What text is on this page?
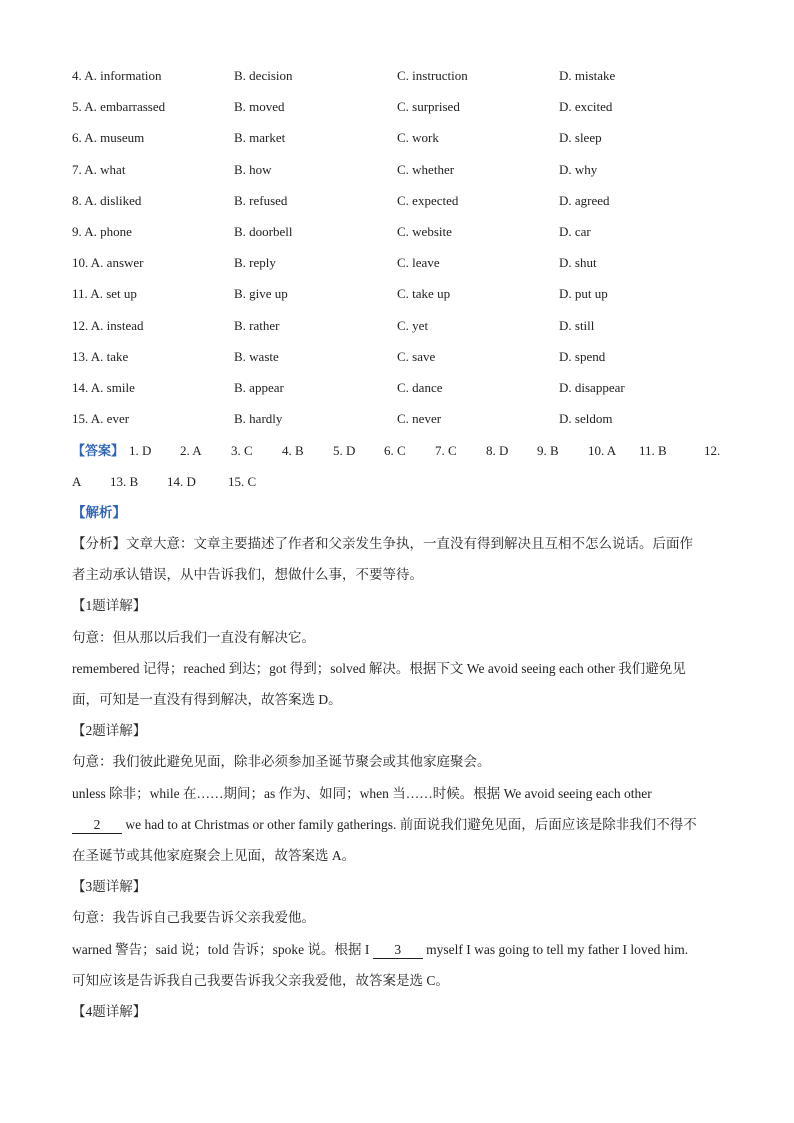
4. A. information	B. decision	C. instruction	D. mistake
5. A. embarrassed	B. moved	C. surprised	D. excited
6. A. museum	B. market	C. work	D. sleep
7. A. what	B. how	C. whether	D. why
8. A. disliked	B. refused	C. expected	D. agreed
9. A. phone	B. doorbell	C. website	D. car
10. A. answer	B. reply	C. leave	D. shut
11. A. set up	B. give up	C. take up	D. put up
12. A. instead	B. rather	C. yet	D. still
13. A. take	B. waste	C. save	D. spend
14. A. smile	B. appear	C. dance	D. disappear
15. A. ever	B. hardly	C. never	D. seldom
【答案】 1. D 2. A 3. C 4. B 5. D 6. C 7. C 8. D 9. B 10. A 11. B	12.
A 13. B 14. D 15. C
【解析】
【分析】文章大意：文章主要描述了作者和父亲发生争执，一直没有得到解决且互相不怎么说话。后面作
者主动承认错误，从中告诉我们，想做什么事，不要等待。
【1题详解】
句意：但从那以后我们一直没有解决它。
remembered 记得；reached 到达；got 得到；solved 解决。根据下文 We avoid seeing each other 我们避免见
面，可知是一直没有得到解决，故答案选 D。
【2题详解】
句意：我们彼此避免见面，除非必须参加圣诞节聚会或其他家庭聚会。
unless 除非；while 在……期间；as 作为、如同；when 当……时候。根据 We avoid seeing each other
2 we had to at Christmas or other family gatherings. 前面说我们避免见面，后面应该是除非我们不得不
在圣诞节或其他家庭聚会上见面，故答案选 A。
【3题详解】
句意：我告诉自己我要告诉父亲我爱他。
warned 警告；said 说；told 告诉；spoke 说。根据 I 3 myself I was going to tell my father I loved him.
可知应该是告诉我自己我要告诉我父亲我爱他，故答案是选 C。
【4题详解】
